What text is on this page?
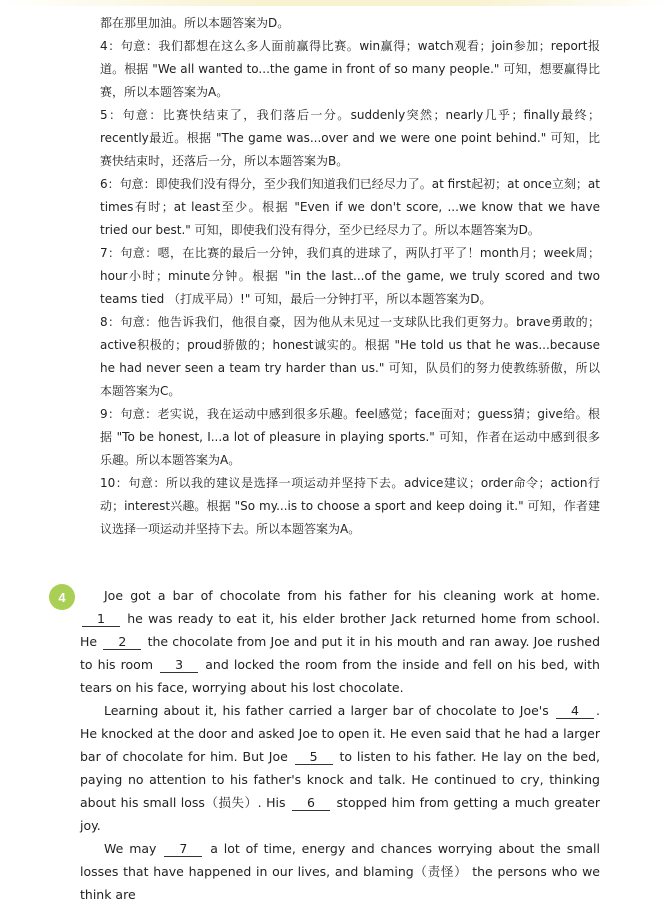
都在那里加油。所以本题答案为D。

4：句意：我们都想在这么多人面前赢得比赛。win赢得；watch观看；join参加；report报道。根据 "We all wanted to...the game in front of so many people." 可知，想要赢得比赛，所以本题答案为A。

5：句意：比赛快结束了，我们落后一分。suddenly突然；nearly几乎；finally最终；recently最近。根据 "The game was...over and we were one point behind." 可知，比赛快结束时，还落后一分，所以本题答案为B。

6：句意：即使我们没有得分，至少我们知道我们已经尽力了。at first起初；at once立刻；at times有时；at least至少。根据 "Even if we don't score, ...we know that we have tried our best." 可知，即使我们没有得分，至少已经尽力了。所以本题答案为D。

7：句意：嗯，在比赛的最后一分钟，我们真的进球了，两队打平了！month月；week周；hour小时；minute分钟。根据 "in the last...of the game, we truly scored and two teams tied （打成平局）!" 可知，最后一分钟打平，所以本题答案为D。

8：句意：他告诉我们，他很自豪，因为他从未见过一支球队比我们更努力。brave勇敢的；active积极的；proud骄傲的；honest诚实的。根据 "He told us that he was...because he had never seen a team try harder than us." 可知，队员们的努力使教练骄傲，所以本题答案为C。

9：句意：老实说，我在运动中感到很多乐趣。feel感觉；face面对；guess猜；give给。根据 "To be honest, I...a lot of pleasure in playing sports." 可知，作者在运动中感到很多乐趣。所以本题答案为A。

10：句意：所以我的建议是选择一项运动并坚持下去。advice建议；order命令；action行动；interest兴趣。根据 "So my...is to choose a sport and keep doing it." 可知，作者建议选择一项运动并坚持下去。所以本题答案为A。

4	Joe got a bar of chocolate from his father for his cleaning work at home. 1 he was ready to eat it, his elder brother Jack returned home from school. He 2 the chocolate from Joe and put it in his mouth and ran away. Joe rushed to his room 3 and locked the room from the inside and fell on his bed, with tears on his face, worrying about his lost chocolate.

Learning about it, his father carried a larger bar of chocolate to Joe's 4 . He knocked at the door and asked Joe to open it. He even said that he had a larger bar of chocolate for him. But Joe 5 to listen to his father. He lay on the bed, paying no attention to his father's knock and talk. He continued to cry, thinking about his small loss（损失）. His 6 stopped him from getting a much greater joy.

We may 7 a lot of time, energy and chances worrying about the small losses that have happened in our lives, and blaming（责怪） the persons who we think are
